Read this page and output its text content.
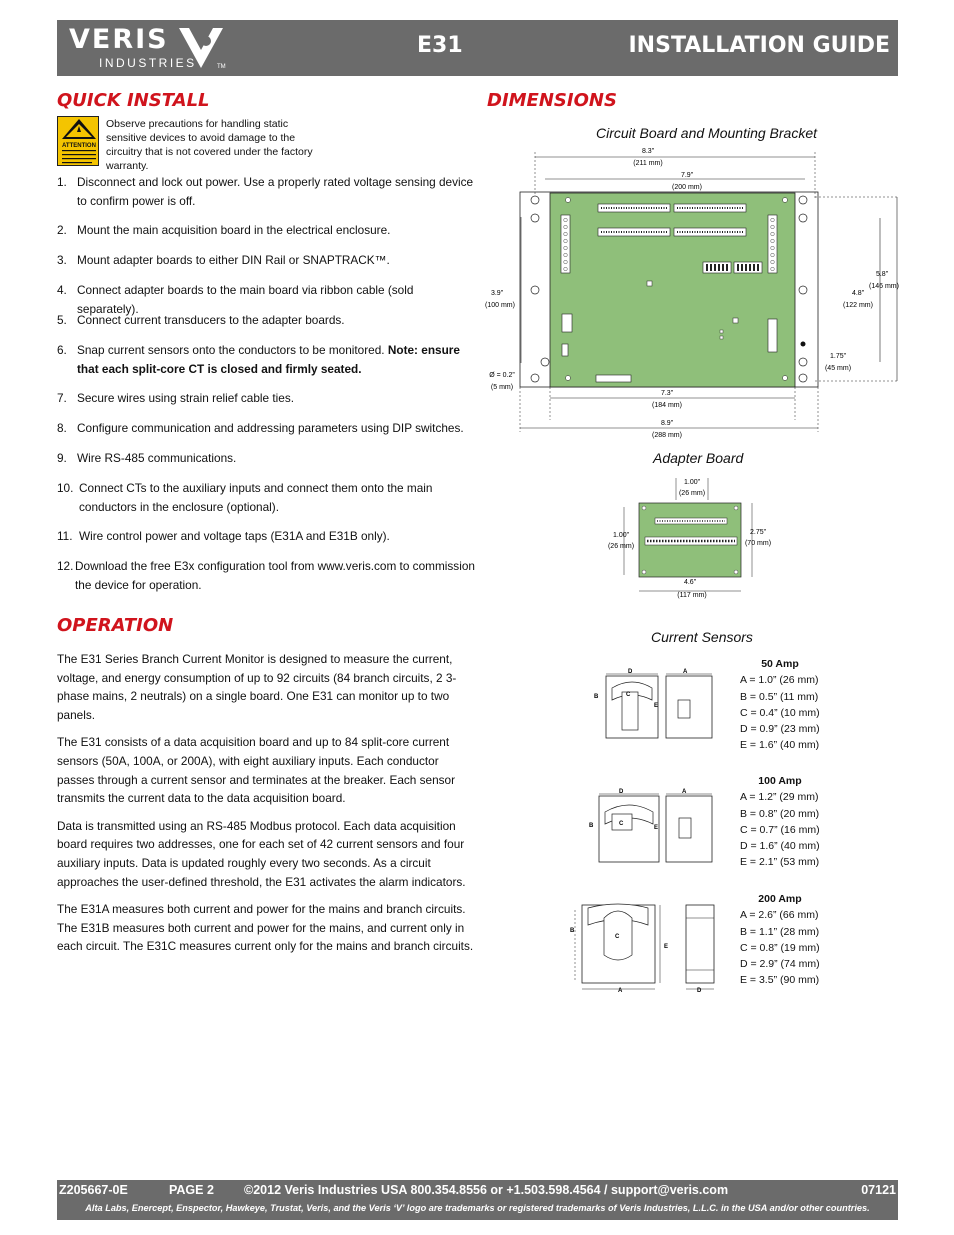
VERIS
INDUSTRIES	TM
E31	INSTALLATION GUIDE
QUICK INSTALL
ATTENTION
Observe precautions for handling static sensitive devices to avoid damage to the circuitry that is not covered under the factory warranty.
1. Disconnect and lock out power. Use a properly rated voltage sensing device to confirm power is off.
2. Mount the main acquisition board in the electrical enclosure.
3. Mount adapter boards to either DIN Rail or SNAPTRACK™.
4. Connect adapter boards to the main board via ribbon cable (sold separately).
5. Connect current transducers to the adapter boards.
6. Snap current sensors onto the conductors to be monitored. Note: ensure that each split-core CT is closed and firmly seated.
7. Secure wires using strain relief cable ties.
8. Configure communication and addressing parameters using DIP switches.
9. Wire RS-485 communications.
10. Connect CTs to the auxiliary inputs and connect them onto the main conductors in the enclosure (optional).
11. Wire control power and voltage taps (E31A and E31B only).
12. Download the free E3x configuration tool from www.veris.com to commission the device for operation.
OPERATION

The E31 Series Branch Current Monitor is designed to measure the current, voltage, and energy consumption of up to 92 circuits (84 branch circuits, 2 3-phase mains, 2 neutrals) on a single board. One E31 can monitor up to two panels.

The E31 consists of a data acquisition board and up to 84 split-core current sensors (50A, 100A, or 200A), with eight auxiliary inputs. Each conductor passes through a current sensor and terminates at the breaker. Each sensor transmits the current data to the data acquisition board.

Data is transmitted using an RS-485 Modbus protocol. Each data acquisition board requires two addresses, one for each set of 42 current sensors and four auxiliary inputs. Data is updated roughly every two seconds. As a circuit approaches the user-defined threshold, the E31 activates the alarm indicators.

The E31A measures both current and power for the mains and branch circuits. The E31B measures both current and power for the mains, and current only in each circuit. The E31C measures current only for the mains and branch circuits.

DIMENSIONS
Circuit Board and Mounting Bracket
8.3”
(211 mm)
7.9”
(200 mm)
3.9”
(100 mm)
5.8”
(146 mm)
4.8”
(122 mm)
1.75”
(45 mm)
Ø = 0.2”
(5 mm)
7.3”
(184 mm)
8.9”
(288 mm)
Adapter Board
1.00”
(26 mm)
1.00”
(26 mm)
2.75”
(70 mm)
4.6”
(117 mm)
Current Sensors
D	A
B	C
E
50 Amp
A = 1.0” (26 mm)
B = 0.5” (11 mm)
C = 0.4” (10 mm)
D = 0.9” (23 mm)
E = 1.6” (40 mm)
D	A
B	C
E
100 Amp
A = 1.2” (29 mm)
B = 0.8” (20 mm)
C = 0.7” (16 mm)
D = 1.6” (40 mm)
E = 2.1” (53 mm)
B
C
E
A	D
200 Amp
A = 2.6” (66 mm)
B = 1.1” (28 mm)
C = 0.8” (19 mm)
D = 2.9” (74 mm)
E = 3.5” (90 mm)
Z205667-0E	PAGE 2 ©2012 Veris Industries USA 800.354.8556 or +1.503.598.4564 / support@veris.com	07121
Alta Labs, Enercept, Enspector, Hawkeye, Trustat, Veris, and the Veris ‘V’ logo are trademarks or registered trademarks of Veris Industries, L.L.C. in the USA and/or other countries.
